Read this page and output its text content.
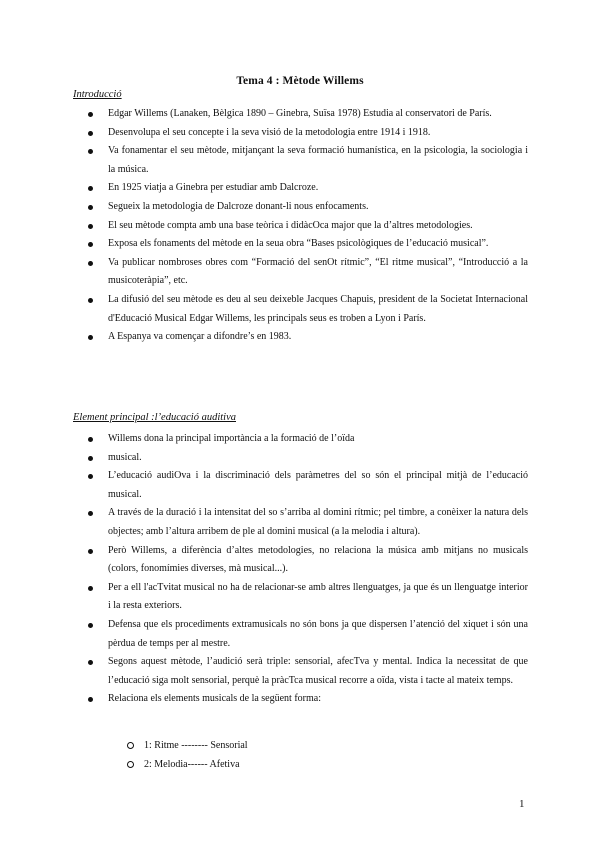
Tema 4 : Mètode Willems
Introducció
Edgar Willems (Lanaken, Bèlgica 1890 – Ginebra, Suïsa 1978) Estudia al conservatori de París.
Desenvolupa el seu concepte i la seva visió de la metodologia entre 1914 i 1918.
Va fonamentar el seu mètode, mitjançant la seva formació humanística, en la psicologia, la sociologia i la música.
En 1925 viatja a Ginebra per estudiar amb Dalcroze.
Segueix la metodologia de Dalcroze donant-li nous enfocaments.
El seu mètode compta amb una base teòrica i didàcOca major que la d’altres metodologies.
Exposa els fonaments del mètode en la seua obra “Bases psicològiques de l’educació musical”.
Va publicar nombroses obres com “Formació del senOt rítmic”, “El ritme musical”, “Introducció a la musicoteràpia”, etc.
La difusió del seu mètode es deu al seu deixeble Jacques Chapuis, president de la Societat Internacional d'Educació Musical Edgar Willems, les principals seus es troben a Lyon i París.
A Espanya va començar a difondre’s en 1983.
Element principal :l’educació auditiva
Willems dona la principal importància a la formació de l’oïda
musical.
L’educació audiOva i la discriminació dels paràmetres del so són el principal mitjà de l’educació musical.
A través de la duració i la intensitat del so s’arriba al domini rítmic; pel timbre, a conèixer la natura dels objectes; amb l’altura arribem de ple al domini musical (a la melodia i altura).
Però Willems, a diferència d’altes metodologies, no relaciona la música amb mitjans no musicals (colors, fonomímies diverses, mà musical...).
Per a ell l'acTvitat musical no ha de relacionar-se amb altres llenguatges, ja que és un llenguatge interior i la resta exteriors.
Defensa que els procediments extramusicals no són bons ja que dispersen l’atenció del xiquet i són una pèrdua de temps per al mestre.
Segons aquest mètode, l’audició serà triple: sensorial, afecTva y mental. Indica la necessitat de que l’educació siga molt sensorial, perquè la pràcTca musical recorre a oïda, vista i tacte al mateix temps.
Relaciona els elements musicals de la següent forma:
1: Ritme -------- Sensorial
2: Melodia------ Afetiva
1
